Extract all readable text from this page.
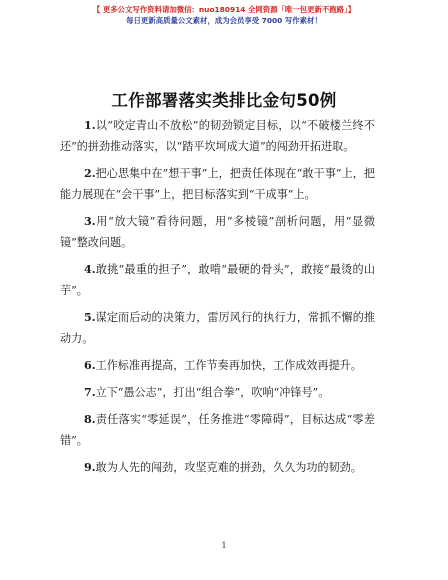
【 更多公文写作资料请加微信：nuo180914 全网资源「唯一包更新不跑路」】
每日更新高质量公文素材，成为会员享受 7000 写作素材！
工作部署落实类排比金句50例

1.以“咬定青山不放松”的韧劲锁定目标，以“不破楼兰终不还”的拼劲推动落实，以“踏平坎坷成大道”的闯劲开拓进取。

2.把心思集中在“想干事”上，把责任体现在“敢干事”上，把能力展现在“会干事”上，把目标落实到“干成事”上。

3.用“放大镜”看待问题，用“多棱镜”剖析问题，用“显微镜”整改问题。

4.敢挑“最重的担子”，敢啃“最硬的骨头”，敢接“最烫的山芋”。

5.谋定而后动的决策力，雷厉风行的执行力，常抓不懈的推动力。

6.工作标准再提高，工作节奏再加快，工作成效再提升。

7.立下“愚公志”，打出“组合拳”，吹响“冲锋号”。

8.责任落实“零延误”，任务推进“零障碍”，目标达成“零差错”。

9.敢为人先的闯劲，攻坚克难的拼劲，久久为功的韧劲。

1
